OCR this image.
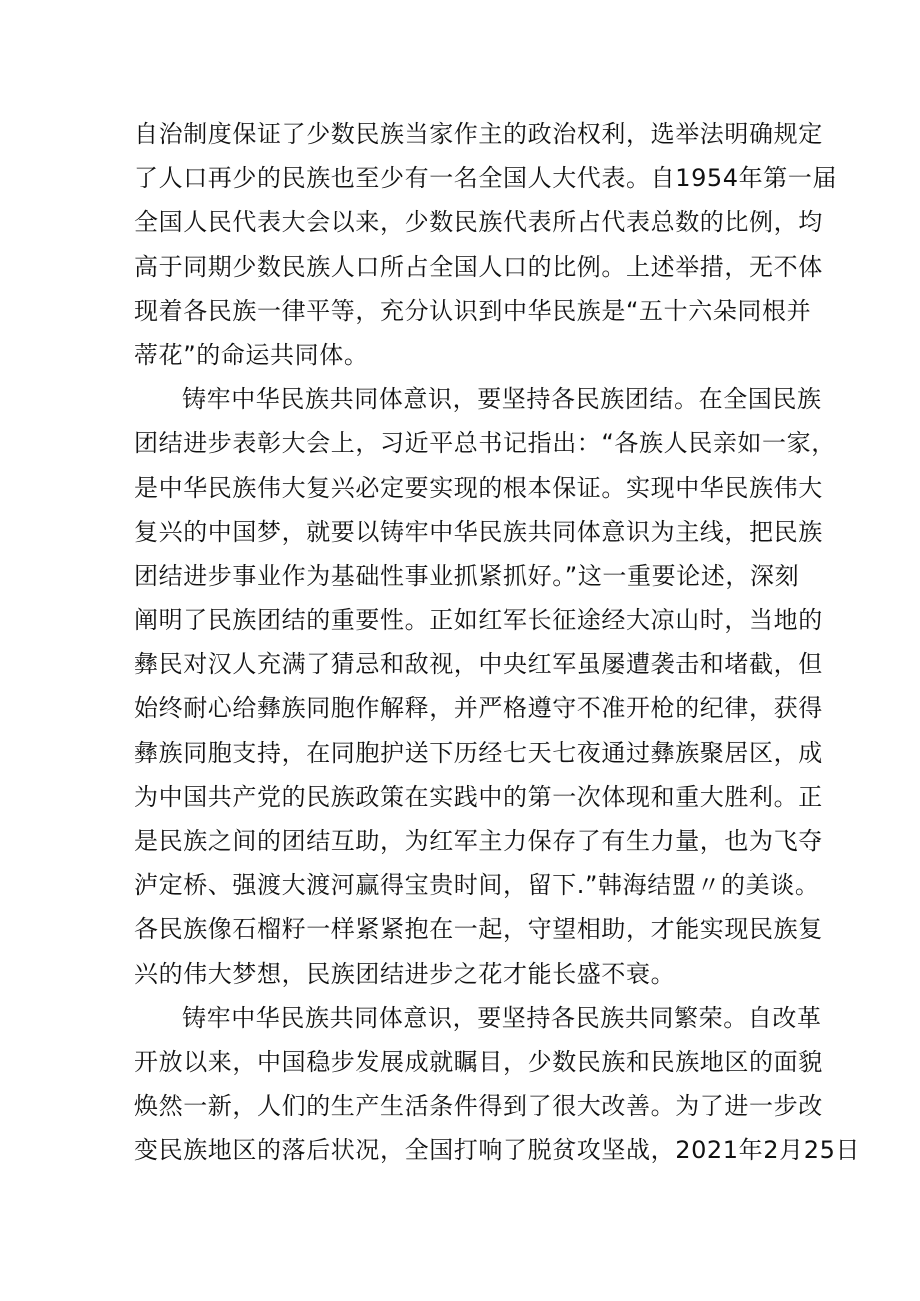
自治制度保证了少数民族当家作主的政治权利，选举法明确规定
了人口再少的民族也至少有一名全国人大代表。自1954年第一届
全国人民代表大会以来，少数民族代表所占代表总数的比例，均
高于同期少数民族人口所占全国人口的比例。上述举措，无不体
现着各民族一律平等，充分认识到中华民族是“五十六朵同根并
蒂花”的命运共同体。
铸牢中华民族共同体意识，要坚持各民族团结。在全国民族
团结进步表彰大会上，习近平总书记指出：“各族人民亲如一家，
是中华民族伟大复兴必定要实现的根本保证。实现中华民族伟大
复兴的中国梦，就要以铸牢中华民族共同体意识为主线，把民族
团结进步事业作为基础性事业抓紧抓好。”这一重要论述，深刻
阐明了民族团结的重要性。正如红军长征途经大凉山时，当地的
彝民对汉人充满了猜忌和敌视，中央红军虽屡遭袭击和堵截，但
始终耐心给彝族同胞作解释，并严格遵守不准开枪的纪律，获得
彝族同胞支持，在同胞护送下历经七天七夜通过彝族聚居区，成
为中国共产党的民族政策在实践中的第一次体现和重大胜利。正
是民族之间的团结互助，为红军主力保存了有生力量，也为飞夺
泸定桥、强渡大渡河赢得宝贵时间，留下.”韩海结盟〃的美谈。
各民族像石榴籽一样紧紧抱在一起，守望相助，才能实现民族复
兴的伟大梦想，民族团结进步之花才能长盛不衰。
铸牢中华民族共同体意识，要坚持各民族共同繁荣。自改革
开放以来，中国稳步发展成就瞩目，少数民族和民族地区的面貌
焕然一新，人们的生产生活条件得到了很大改善。为了进一步改
变民族地区的落后状况，全国打响了脱贫攻坚战，2021年2月25日
